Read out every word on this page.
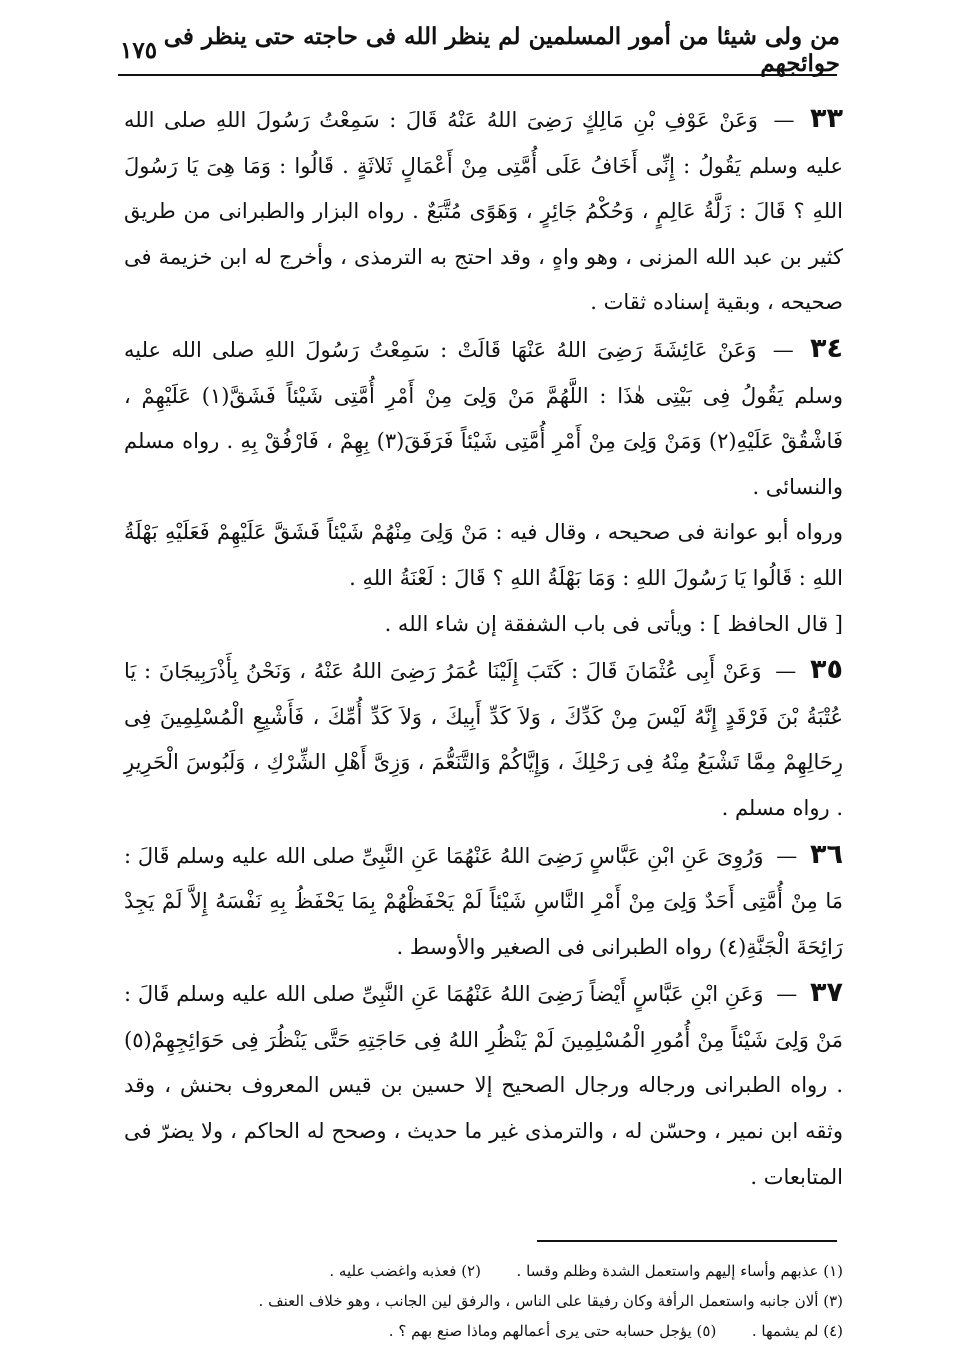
من ولى شيئا من أمور المسلمين لم ينظر الله فى حاجته حتى ينظر فى حوائجهم
١٧٥

٣٣ — وَعَنْ عَوْفِ بْنِ مَالِكٍ رَضِىَ اللهُ عَنْهُ قَالَ : سَمِعْتُ رَسُولَ اللهِ صلى الله عليه وسلم يَقُولُ : إِنِّى أَخَافُ عَلَى أُمَّتِى مِنْ أَعْمَالٍ ثَلاثَةٍ . قَالُوا : وَمَا هِىَ يَا رَسُولَ اللهِ ؟ قَالَ : زَلَّةُ عَالِمٍ ، وَحُكْمُ جَائِرٍ ، وَهَوًى مُتَّبَعٌ . رواه البزار والطبرانى من طريق كثير بن عبد الله المزنى ، وهو واهٍ ، وقد احتج به الترمذى ، وأخرج له ابن خزيمة فى صحيحه ، وبقية إسناده ثقات .

٣٤ — وَعَنْ عَائِشَةَ رَضِىَ اللهُ عَنْهَا قَالَتْ : سَمِعْتُ رَسُولَ اللهِ صلى الله عليه وسلم يَقُولُ فِى بَيْتِى هٰذَا : اللَّهُمَّ مَنْ وَلِىَ مِنْ أَمْرِ أُمَّتِى شَيْئاً فَشَقَّ(١) عَلَيْهِمْ ، فَاشْقُقْ عَلَيْهِ(٢) وَمَنْ وَلِىَ مِنْ أَمْرِ أُمَّتِى شَيْئاً فَرَفَقَ(٣) بِهِمْ ، فَارْفُقْ بِهِ . رواه مسلم والنسائى .

ورواه أبو عوانة فى صحيحه ، وقال فيه : مَنْ وَلِىَ مِنْهُمْ شَيْئاً فَشَقَّ عَلَيْهِمْ فَعَلَيْهِ بَهْلَةُ اللهِ : قَالُوا يَا رَسُولَ اللهِ : وَمَا بَهْلَةُ اللهِ ؟ قَالَ : لَعْنَةُ اللهِ .

[ قال الحافظ ] : ويأتى فى باب الشفقة إن شاء الله .

٣٥ — وَعَنْ أَبِى عُثْمَانَ قَالَ : كَتَبَ إِلَيْنَا عُمَرُ رَضِىَ اللهُ عَنْهُ ، وَنَحْنُ بِأَذْرَبِيجَانَ : يَا عُتْبَةُ بْنَ فَرْقَدٍ إِنَّهُ لَيْسَ مِنْ كَدِّكَ ، وَلاَ كَدِّ أَبِيكَ ، وَلاَ كَدِّ أُمِّكَ ، فَأَشْبِعِ الْمُسْلِمِينَ فِى رِحَالِهِمْ مِمَّا تَشْبَعُ مِنْهُ فِى رَحْلِكَ ، وَإِيَّاكُمْ وَالتَّنَعُّمَ ، وَزِىَّ أَهْلِ الشِّرْكِ ، وَلَبُوسَ الْحَرِيرِ . رواه مسلم .

٣٦ — وَرُوِىَ عَنِ ابْنِ عَبَّاسٍ رَضِىَ اللهُ عَنْهُمَا عَنِ النَّبِىِّ صلى الله عليه وسلم قَالَ : مَا مِنْ أُمَّتِى أَحَدٌ وَلِىَ مِنْ أَمْرِ النَّاسِ شَيْئاً لَمْ يَحْفَظْهُمْ بِمَا يَحْفَظُ بِهِ نَفْسَهُ إِلاَّ لَمْ يَجِدْ رَائِحَةَ الْجَنَّةِ(٤) رواه الطبرانى فى الصغير والأوسط .

٣٧ — وَعَنِ ابْنِ عَبَّاسٍ أَيْضاً رَضِىَ اللهُ عَنْهُمَا عَنِ النَّبِىِّ صلى الله عليه وسلم قَالَ : مَنْ وَلِىَ شَيْئاً مِنْ أُمُورِ الْمُسْلِمِينَ لَمْ يَنْظُرِ اللهُ فِى حَاجَتِهِ حَتَّى يَنْظُرَ فِى حَوَائِجِهِمْ(٥) . رواه الطبرانى ورجاله ورجال الصحيح إلا حسين بن قيس المعروف بحنش ، وقد وثقه ابن نمير ، وحسّن له ، والترمذى غير ما حديث ، وصحح له الحاكم ، ولا يضرّ فى المتابعات .

(١) عذبهم وأساء إليهم واستعمل الشدة وظلم وقسا .  (٢) فعذبه واغضب عليه .
(٣) ألان جانبه واستعمل الرأفة وكان رفيقا على الناس ، والرفق لين الجانب ، وهو خلاف العنف .
(٤) لم يشمها .  (٥) يؤجل حسابه حتى يرى أعمالهم وماذا صنع بهم ؟ .
